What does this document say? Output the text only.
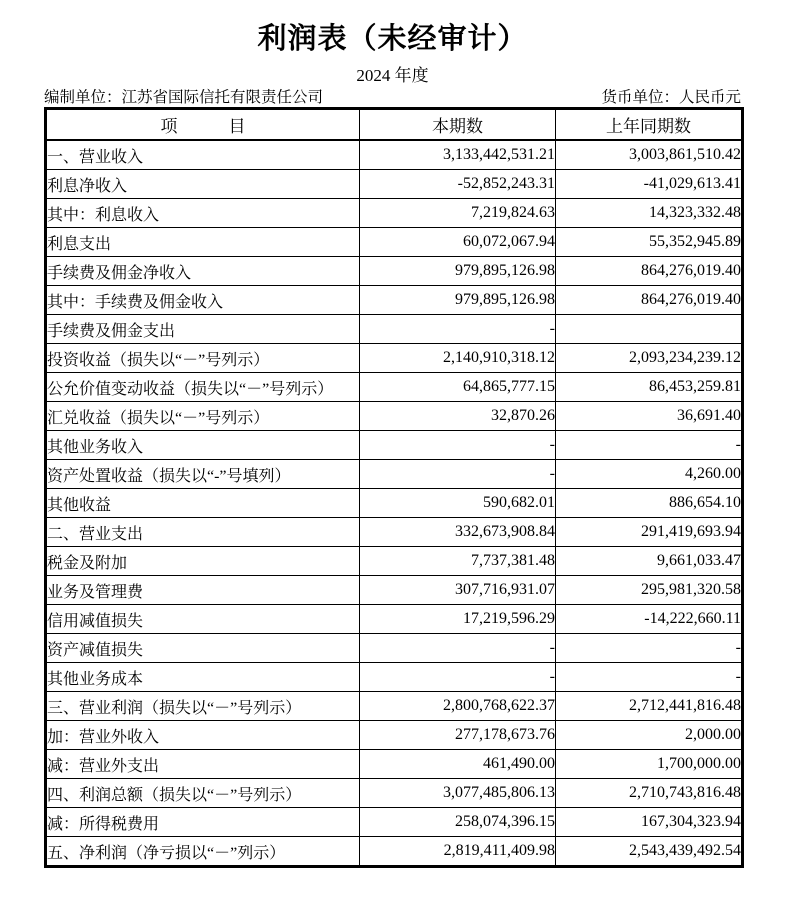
利润表（未经审计）
2024 年度
编制单位：江苏省国际信托有限责任公司	货币单位：人民币元
项　　　目	本期数	上年同期数
一、营业收入	3,133,442,531.21	3,003,861,510.42
利息净收入	-52,852,243.31	-41,029,613.41
其中：利息收入	7,219,824.63	14,323,332.48
利息支出	60,072,067.94	55,352,945.89
手续费及佣金净收入	979,895,126.98	864,276,019.40
其中：手续费及佣金收入	979,895,126.98	864,276,019.40
手续费及佣金支出	-	
投资收益（损失以“－”号列示）	2,140,910,318.12	2,093,234,239.12
公允价值变动收益（损失以“－”号列示）	64,865,777.15	86,453,259.81
汇兑收益（损失以“－”号列示）	32,870.26	36,691.40
其他业务收入	-	-
资产处置收益（损失以“-”号填列）	-	4,260.00
其他收益	590,682.01	886,654.10
二、营业支出	332,673,908.84	291,419,693.94
税金及附加	7,737,381.48	9,661,033.47
业务及管理费	307,716,931.07	295,981,320.58
信用减值损失	17,219,596.29	-14,222,660.11
资产减值损失	-	-
其他业务成本	-	-
三、营业利润（损失以“－”号列示）	2,800,768,622.37	2,712,441,816.48
加：营业外收入	277,178,673.76	2,000.00
减：营业外支出	461,490.00	1,700,000.00
四、利润总额（损失以“－”号列示）	3,077,485,806.13	2,710,743,816.48
减：所得税费用	258,074,396.15	167,304,323.94
五、净利润（净亏损以“－”列示）	2,819,411,409.98	2,543,439,492.54
